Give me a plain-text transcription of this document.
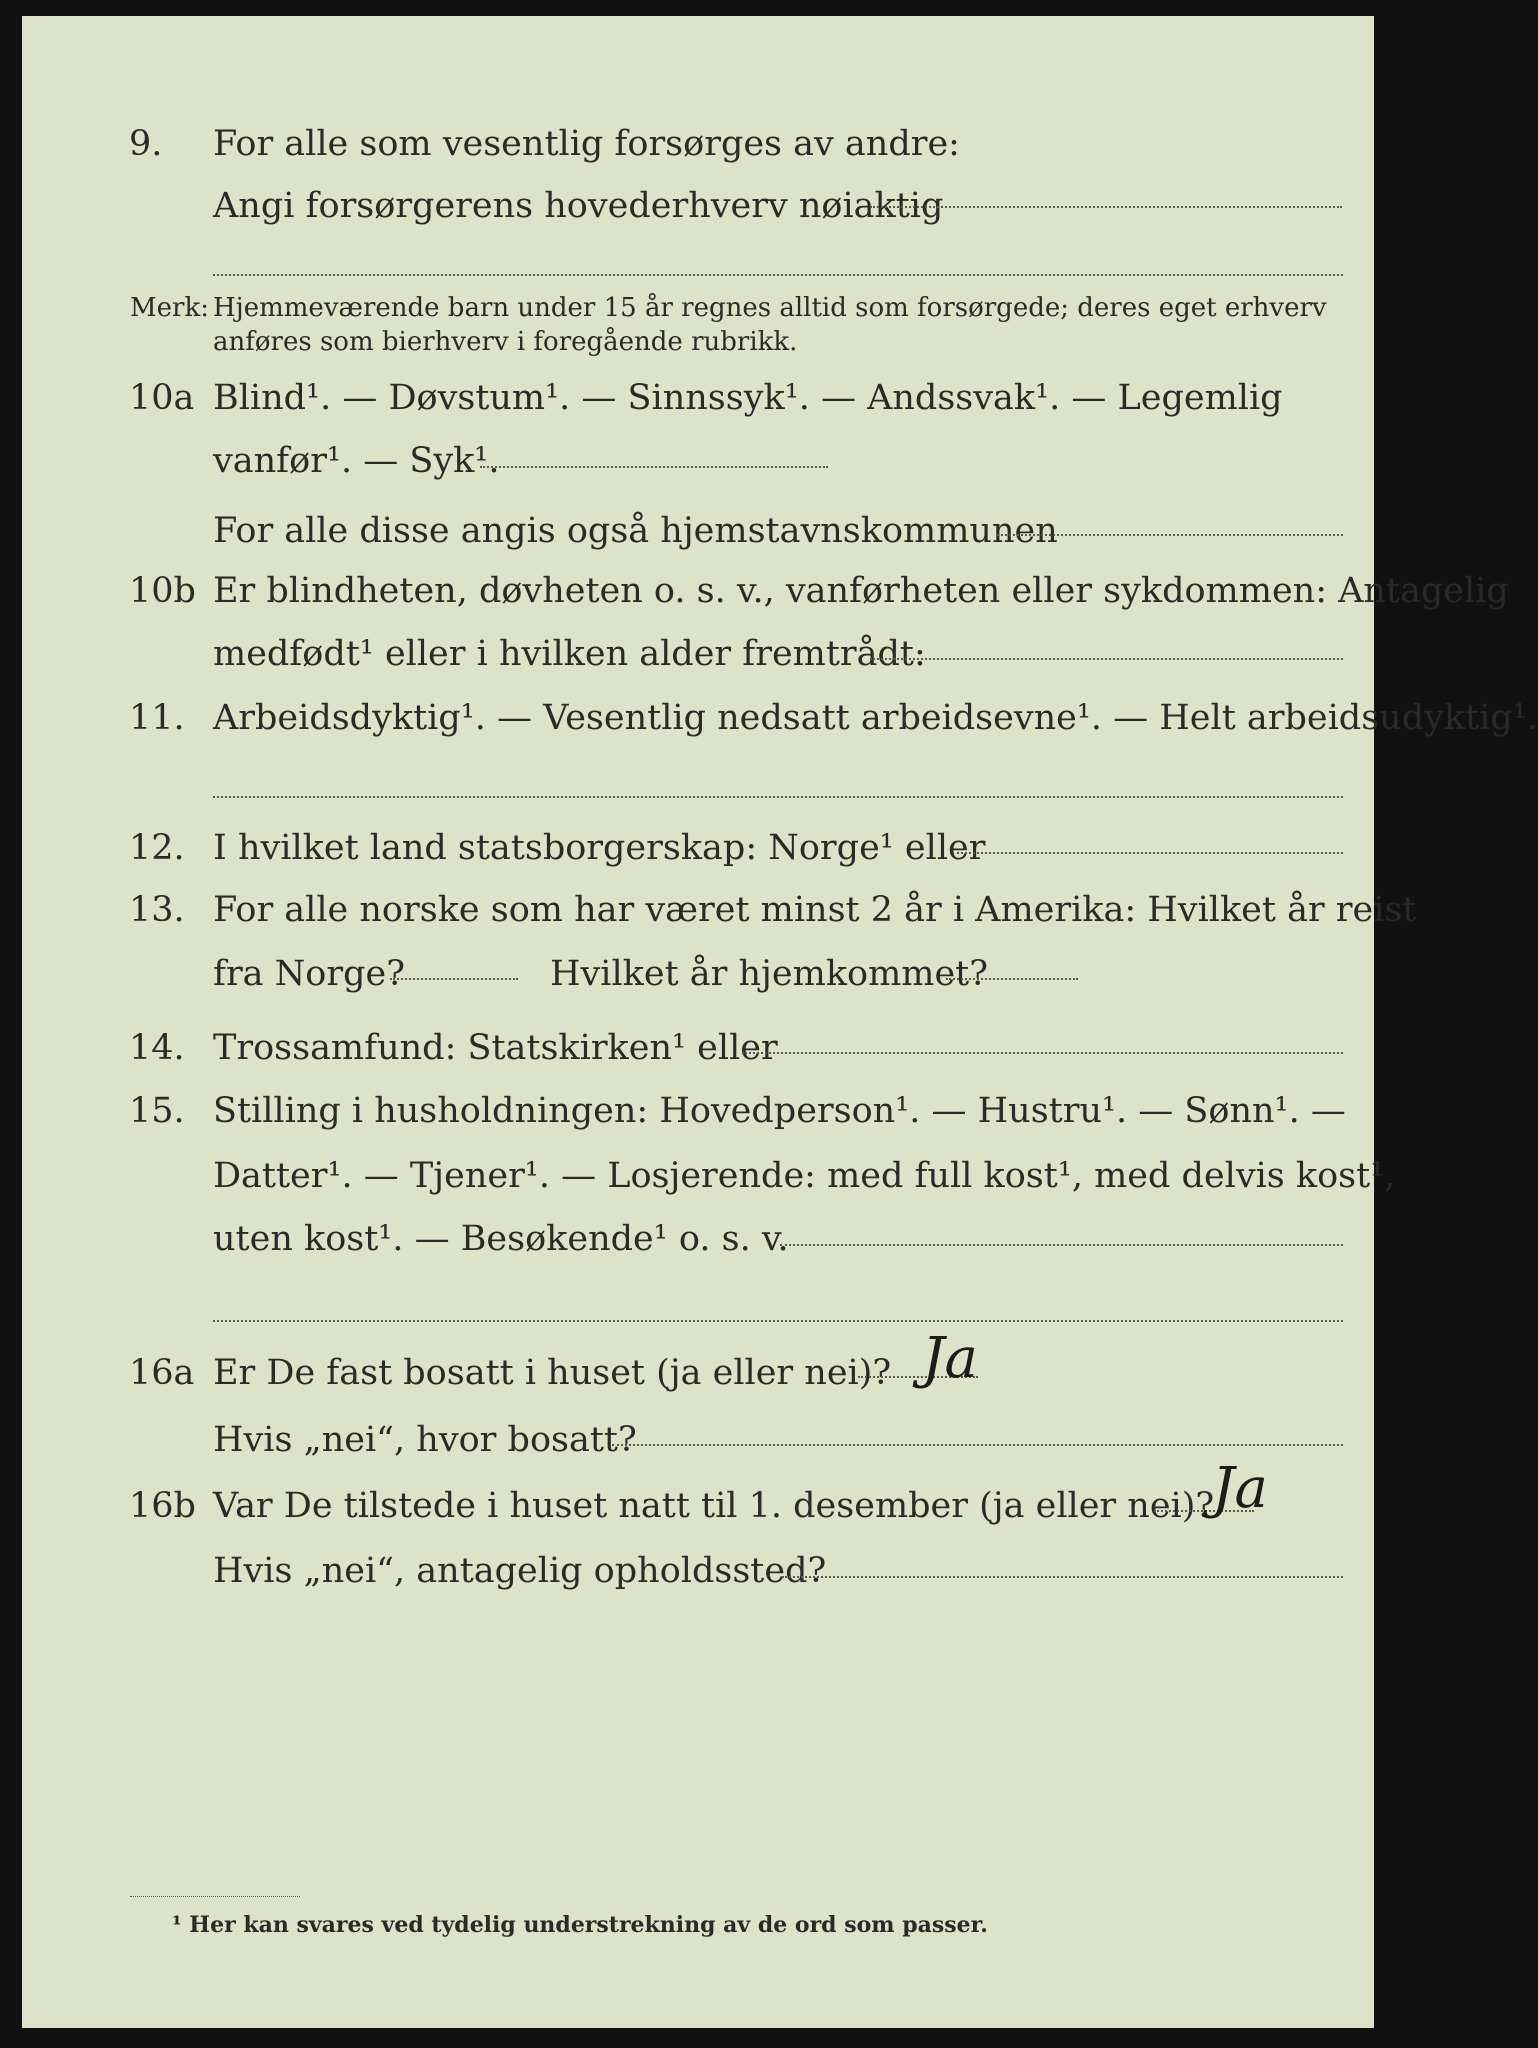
9. For alle som vesentlig forsørges av andre:
Angi forsørgerens hovederhverv nøiaktig
Merk: Hjemmeværende barn under 15 år regnes alltid som forsørgede; deres eget erhverv
anføres som bierhverv i foregående rubrikk.
10a Blind¹. — Døvstum¹. — Sinnssyk¹. — Andssvak¹. — Legemlig
vanfør¹. — Syk¹.
For alle disse angis også hjemstavnskommunen
10b Er blindheten, døvheten o. s. v., vanførheten eller sykdommen: Antagelig
medfødt¹ eller i hvilken alder fremtrådt:
11. Arbeidsdyktig¹. — Vesentlig nedsatt arbeidsevne¹. — Helt arbeidsudyktig¹.
12. I hvilket land statsborgerskap: Norge¹ eller
13. For alle norske som har været minst 2 år i Amerika: Hvilket år reist
fra Norge?	Hvilket år hjemkommet?
14. Trossamfund: Statskirken¹ eller
15. Stilling i husholdningen: Hovedperson¹. — Hustru¹. — Sønn¹. —
Datter¹. — Tjener¹. — Losjerende: med full kost¹, med delvis kost¹,
uten kost¹. — Besøkende¹ o. s. v.
16a Er De fast bosatt i huset (ja eller nei)? Ja
Hvis „nei“, hvor bosatt?
16b Var De tilstede i huset natt til 1. desember (ja eller nei)?
Ja
Hvis „nei“, antagelig opholdssted?
¹ Her kan svares ved tydelig understrekning av de ord som passer.
